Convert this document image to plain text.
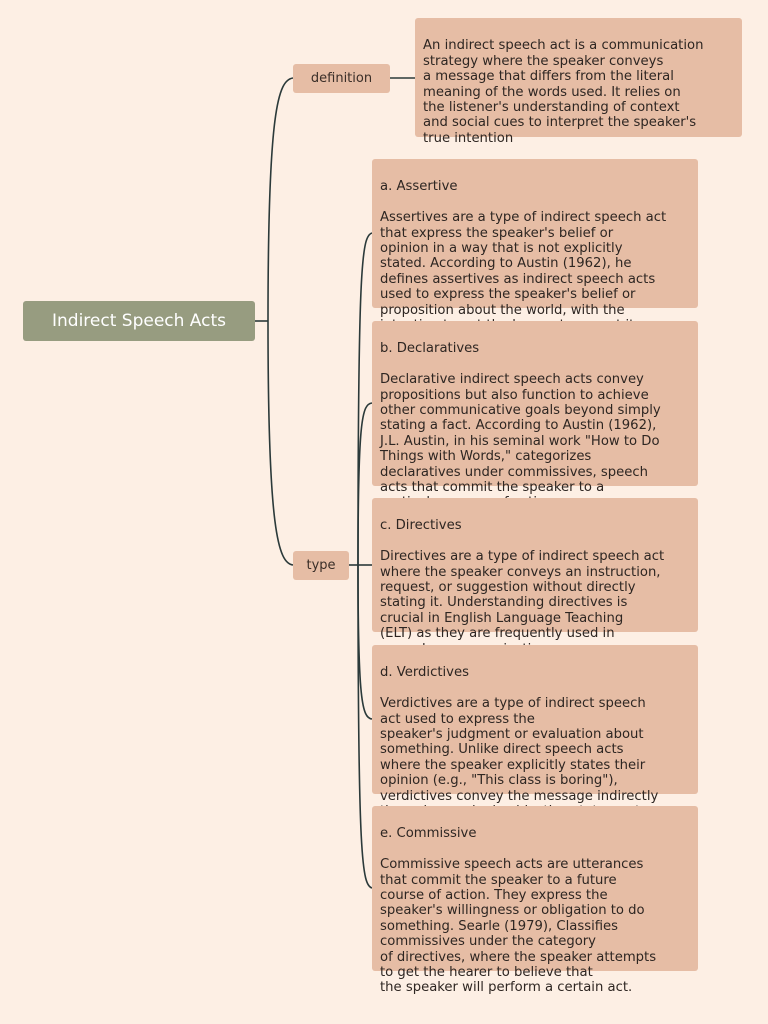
Indirect Speech Acts
definition
type

An indirect speech act is a communication
strategy where the speaker conveys
a message that differs from the literal
meaning of the words used. It relies on
the listener's understanding of context
and social cues to interpret the speaker's
true intention

a. Assertive

Assertives are a type of indirect speech act
that express the speaker's belief or
opinion in a way that is not explicitly
stated. According to Austin (1962), he
defines assertives as indirect speech acts
used to express the speaker's belief or
proposition about the world, with the

b. Declaratives

Declarative indirect speech acts convey
propositions but also function to achieve
other communicative goals beyond simply
stating a fact. According to Austin (1962),
J.L. Austin, in his seminal work "How to Do
Things with Words," categorizes
declaratives under commissives, speech
acts that commit the speaker to a

c. Directives

Directives are a type of indirect speech act
where the speaker conveys an instruction,
request, or suggestion without directly
stating it. Understanding directives is
crucial in English Language Teaching
(ELT) as they are frequently used in

d. Verdictives

Verdictives are a type of indirect speech
act used to express the
speaker's judgment or evaluation about
something. Unlike direct speech acts
where the speaker explicitly states their
opinion (e.g., "This class is boring"),
verdictives convey the message indirectly

e. Commissive

Commissive speech acts are utterances
that commit the speaker to a future
course of action. They express the
speaker's willingness or obligation to do
something. Searle (1979), Classifies
commissives under the category
of directives, where the speaker attempts
to get the hearer to believe that
the speaker will perform a certain act.
